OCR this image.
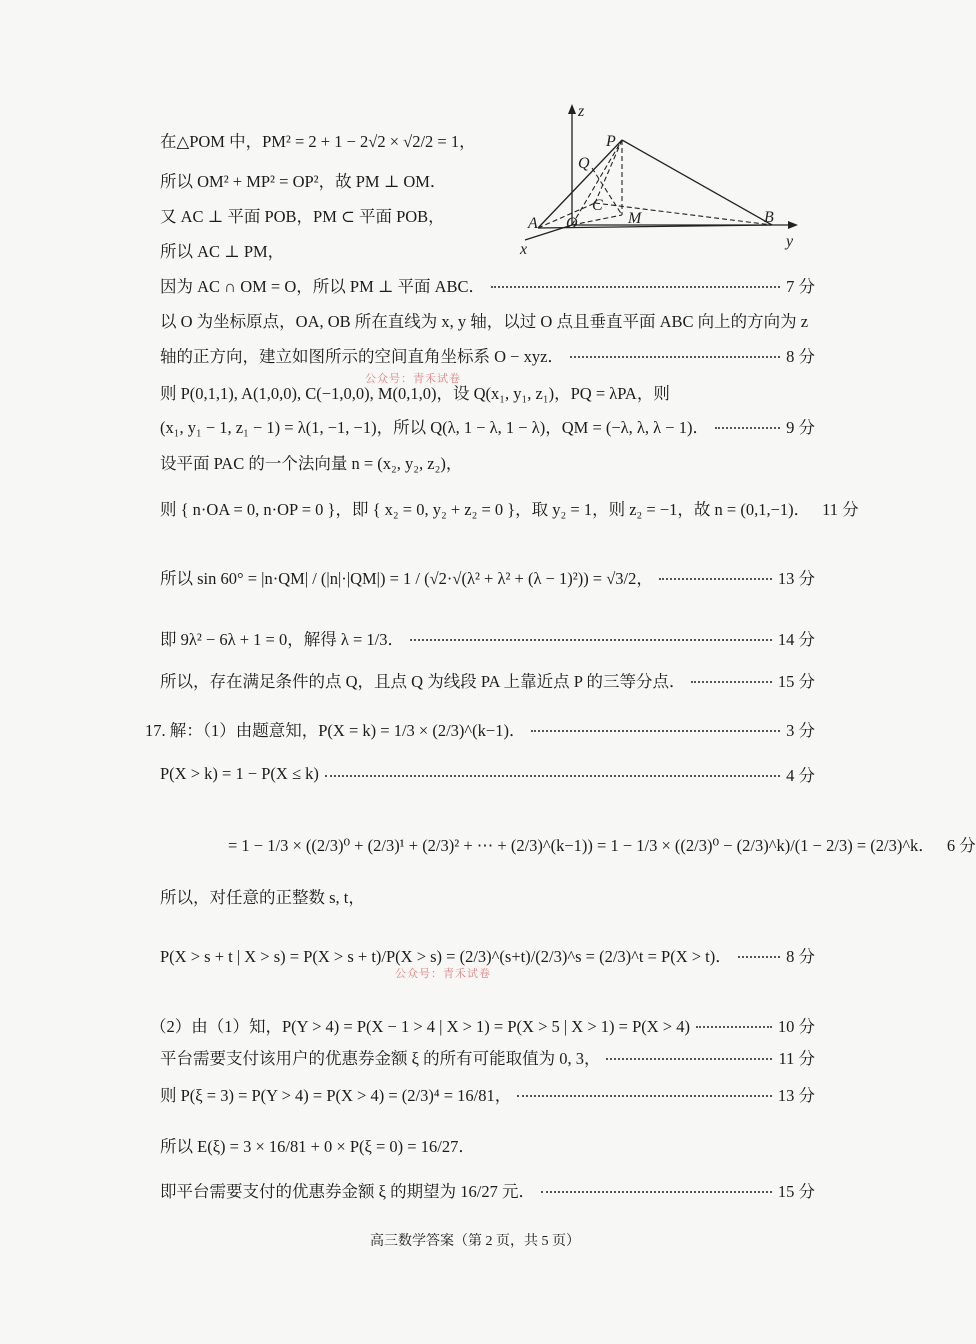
z
P
Q
C
M
A O	B
x	y
公众号：青禾试卷
公众号：青禾试卷
在△POM 中，PM² = 2 + 1 − 2√2 × √2/2 = 1，
所以 OM² + MP² = OP²，故 PM ⊥ OM．
又 AC ⊥ 平面 POB，PM ⊂ 平面 POB，
所以 AC ⊥ PM，
因为 AC ∩ OM = O，所以 PM ⊥ 平面 ABC．	7 分
以 O 为坐标原点，OA, OB 所在直线为 x, y 轴，以过 O 点且垂直平面 ABC 向上的方向为 z
轴的正方向，建立如图所示的空间直角坐标系 O − xyz．	8 分
则 P(0,1,1), A(1,0,0), C(−1,0,0), M(0,1,0)，设 Q(x₁, y₁, z₁)，PQ = λPA，则
(x₁, y₁ − 1, z₁ − 1) = λ(1, −1, −1)，所以 Q(λ, 1 − λ, 1 − λ)，QM = (−λ, λ, λ − 1)．	9 分
设平面 PAC 的一个法向量 n = (x₂, y₂, z₂)，
则 { n·OA = 0, n·OP = 0 }，即 { x₂ = 0, y₂ + z₂ = 0 }，取 y₂ = 1，则 z₂ = −1，故 n = (0,1,−1)． 11 分
所以 sin 60° = |n·QM| / (|n|·|QM|) = 1 / (√2·√(λ² + λ² + (λ − 1)²)) = √3/2，	13 分
即 9λ² − 6λ + 1 = 0，解得 λ = 1/3．	14 分
所以，存在满足条件的点 Q，且点 Q 为线段 PA 上靠近点 P 的三等分点．	15 分
17. 解：（1）由题意知，P(X = k) = 1/3 × (2/3)^(k−1)．	3 分
P(X > k) = 1 − P(X ≤ k)	4 分
= 1 − 1/3 × ((2/3)⁰ + (2/3)¹ + (2/3)² + ⋯ + (2/3)^(k−1)) = 1 − 1/3 × ((2/3)⁰ − (2/3)^k)/(1 − 2/3) = (2/3)^k． 6 分
所以，对任意的正整数 s, t，
P(X > s + t | X > s) = P(X > s + t)/P(X > s) = (2/3)^(s+t)/(2/3)^s = (2/3)^t = P(X > t)．	8 分
（2）由（1）知，P(Y > 4) = P(X − 1 > 4 | X > 1) = P(X > 5 | X > 1) = P(X > 4)	10 分
平台需要支付该用户的优惠券金额 ξ 的所有可能取值为 0, 3，	11 分
则 P(ξ = 3) = P(Y > 4) = P(X > 4) = (2/3)⁴ = 16/81，	13 分
所以 E(ξ) = 3 × 16/81 + 0 × P(ξ = 0) = 16/27．
即平台需要支付的优惠券金额 ξ 的期望为 16/27 元．	15 分
高三数学答案（第 2 页，共 5 页）
